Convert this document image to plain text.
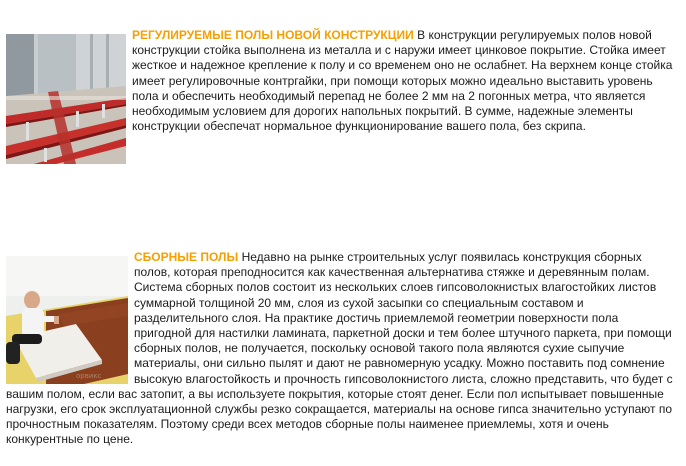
РЕГУЛИРУЕМЫЕ ПОЛЫ НОВОЙ КОНСТРУКЦИИ В конструкции регулируемых полов новой конструкции стойка выполнена из металла и с наружи имеет цинковое покрытие. Стойка имеет жесткое и надежное крепление к полу и со временем оно не ослабнет. На верхнем конце стойка имеет регулировочные контргайки, при помощи которых можно идеально выставить уровень пола и обеспечить необходимый перепад не более 2 мм на 2 погонных метра, что является необходимым условием для дорогих напольных покрытий. В сумме, надежные элементы конструкции обеспечат нормальное функционирование вашего пола, без скрипа.
орвикс
СБОРНЫЕ ПОЛЫ Недавно на рынке строительных услуг появилась конструкция сборных полов, которая преподносится как качественная альтернатива стяжке и деревянным полам. Система сборных полов состоит из нескольких слоев гипсоволокнистых влагостойких листов суммарной толщиной 20 мм, слоя из сухой засыпки со специальным составом и разделительного слоя. На практике достичь приемлемой геометрии поверхности пола пригодной для настилки ламината, паркетной доски и тем более штучного паркета, при помощи сборных полов, не получается, поскольку основой такого пола являются сухие сыпучие материалы, они сильно пылят и дают не равномерную усадку. Можно поставить под сомнение высокую влагостойкость и прочность гипсоволокнистого листа, сложно представить, что будет с вашим полом, если вас затопит, а вы используете покрытия, которые стоят денег. Если пол испытывает повышенные нагрузки, его срок эксплуатационной службы резко сокращается, материалы на основе гипса значительно уступают по прочностным показателям. Поэтому среди всех методов сборные полы наименее приемлемы, хотя и очень конкурентные по цене.
